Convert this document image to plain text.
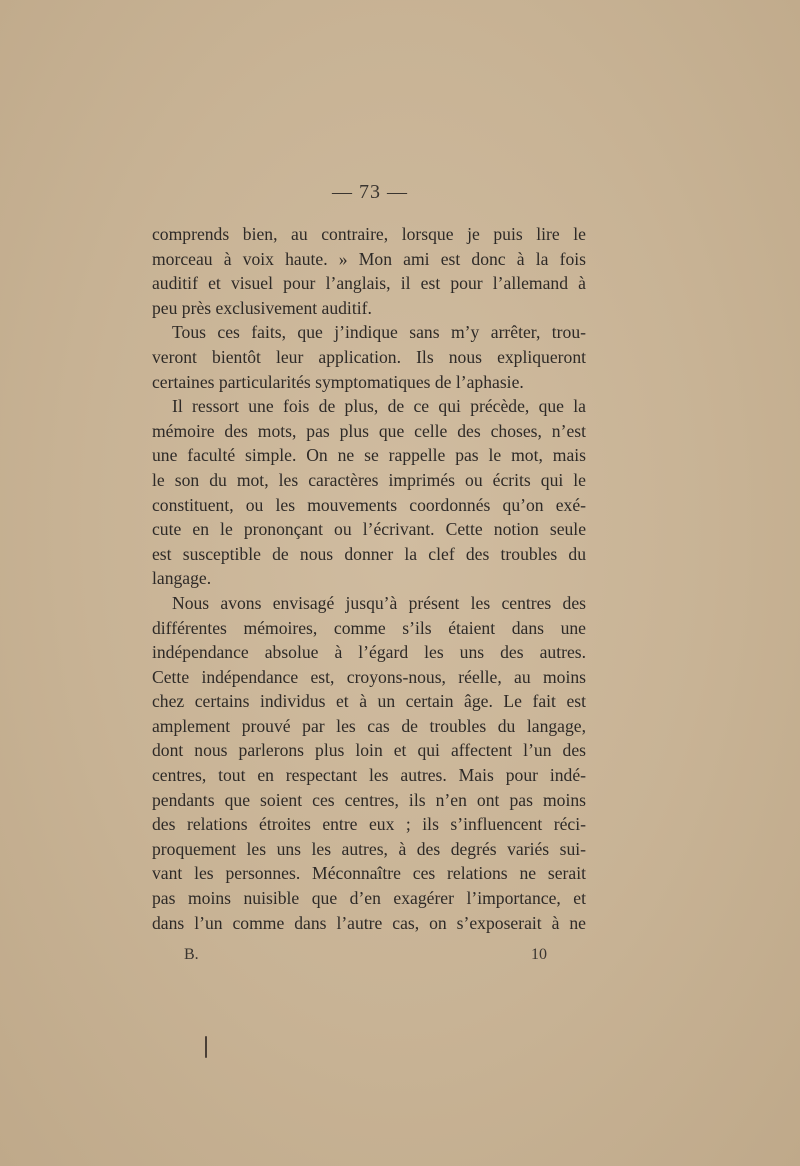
— 73 —
comprends bien, au contraire, lorsque je puis lire le
morceau à voix haute. » Mon ami est donc à la fois
auditif et visuel pour l’anglais, il est pour l’allemand à
peu près exclusivement auditif.
Tous ces faits, que j’indique sans m’y arrêter, trou-
veront bientôt leur application. Ils nous expliqueront
certaines particularités symptomatiques de l’aphasie.
Il ressort une fois de plus, de ce qui précède, que la
mémoire des mots, pas plus que celle des choses, n’est
une faculté simple. On ne se rappelle pas le mot, mais
le son du mot, les caractères imprimés ou écrits qui le
constituent, ou les mouvements coordonnés qu’on exé-
cute en le prononçant ou l’écrivant. Cette notion seule
est susceptible de nous donner la clef des troubles du
langage.
Nous avons envisagé jusqu’à présent les centres des
différentes mémoires, comme s’ils étaient dans une
indépendance absolue à l’égard les uns des autres.
Cette indépendance est, croyons-nous, réelle, au moins
chez certains individus et à un certain âge. Le fait est
amplement prouvé par les cas de troubles du langage,
dont nous parlerons plus loin et qui affectent l’un des
centres, tout en respectant les autres. Mais pour indé-
pendants que soient ces centres, ils n’en ont pas moins
des relations étroites entre eux ; ils s’influencent réci-
proquement les uns les autres, à des degrés variés sui-
vant les personnes. Méconnaître ces relations ne serait
pas moins nuisible que d’en exagérer l’importance, et
dans l’un comme dans l’autre cas, on s’exposerait à ne
B.	10
